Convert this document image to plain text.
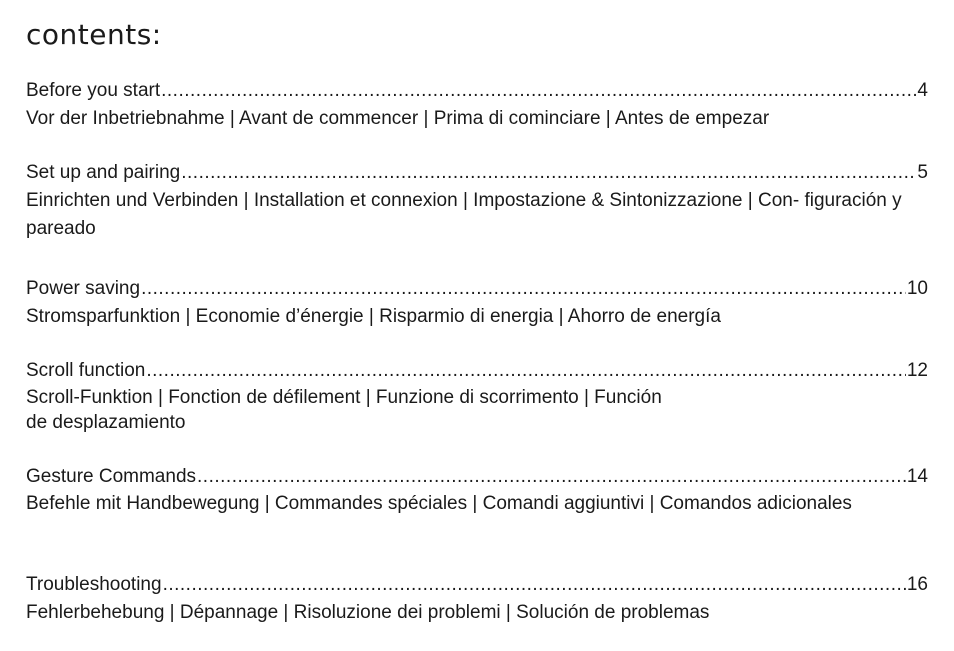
contents:
Before you start .....	4
Vor der Inbetriebnahme | Avant de commencer | Prima di cominciare | Antes de empezar
Set up and pairing .....	5
Einrichten und Verbinden | Installation et connexion | Impostazione & Sintonizzazione | Con- figuración y pareado
Power saving .....	10
Stromsparfunktion | Economie d’énergie | Risparmio di energia | Ahorro de energía
Scroll function .....	12
Scroll-Funktion | Fonction de défilement | Funzione di scorrimento | Función de desplazamiento
Gesture Commands .....	14
Befehle mit Handbewegung | Commandes spéciales | Comandi aggiuntivi | Comandos adicionales
Troubleshooting .....	16
Fehlerbehebung | Dépannage | Risoluzione dei problemi | Solución de problemas
